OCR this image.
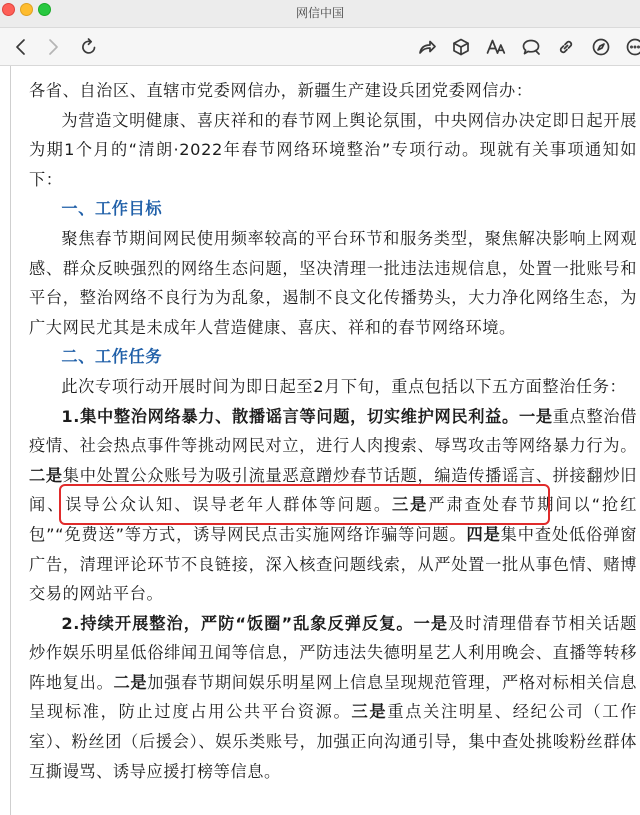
网信中国

各省、自治区、直辖市党委网信办，新疆生产建设兵团党委网信办：

为营造文明健康、喜庆祥和的春节网上舆论氛围，中央网信办决定即日起开展为期1个月的“清朗·2022年春节网络环境整治”专项行动。现就有关事项通知如下：

一、工作目标

聚焦春节期间网民使用频率较高的平台环节和服务类型，聚焦解决影响上网观感、群众反映强烈的网络生态问题，坚决清理一批违法违规信息，处置一批账号和平台，整治网络不良行为为乱象，遏制不良文化传播势头，大力净化网络生态，为广大网民尤其是未成年人营造健康、喜庆、祥和的春节网络环境。

二、工作任务

此次专项行动开展时间为即日起至2月下旬，重点包括以下五方面整治任务：

1.集中整治网络暴力、散播谣言等问题，切实维护网民利益。一是重点整治借疫情、社会热点事件等挑动网民对立，进行人肉搜索、辱骂攻击等网络暴力行为。二是集中处置公众账号为吸引流量恶意蹭炒春节话题，编造传播谣言、拼接翻炒旧闻、误导公众认知、误导老年人群体等问题。三是严肃查处春节期间以“抢红包”“免费送”等方式，诱导网民点击实施网络诈骗等问题。四是集中查处低俗弹窗广告，清理评论环节不良链接，深入核查问题线索，从严处置一批从事色情、赌博交易的网站平台。

2.持续开展整治，严防“饭圈”乱象反弹反复。一是及时清理借春节相关话题炒作娱乐明星低俗绯闻丑闻等信息，严防违法失德明星艺人利用晚会、直播等转移阵地复出。二是加强春节期间娱乐明星网上信息呈现规范管理，严格对标相关信息呈现标准，防止过度占用公共平台资源。三是重点关注明星、经纪公司（工作室）、粉丝团（后援会）、娱乐类账号，加强正向沟通引导，集中查处挑唆粉丝群体互撕谩骂、诱导应援打榜等信息。
